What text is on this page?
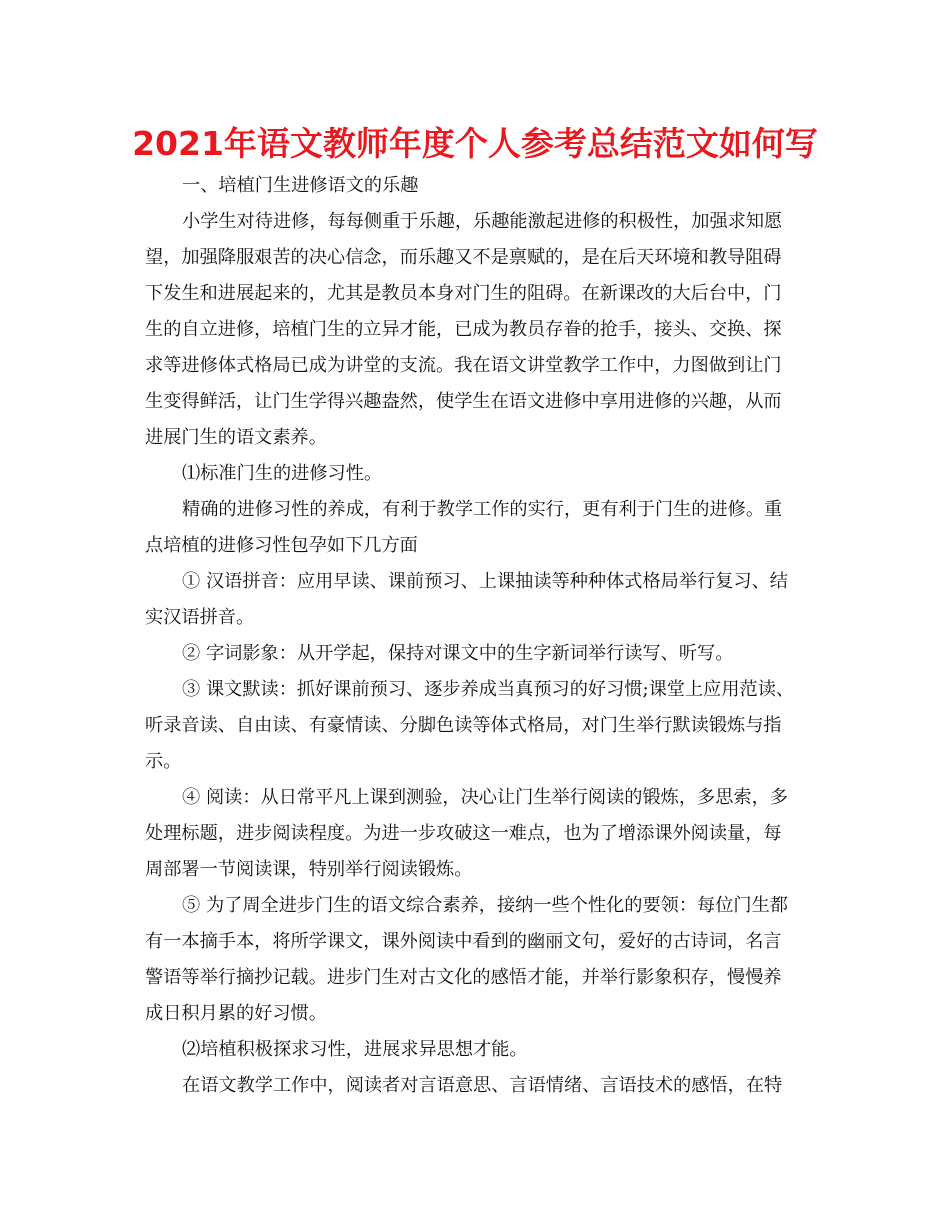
2021年语文教师年度个人参考总结范文如何写
一、培植门生进修语文的乐趣
小学生对待进修，每每侧重于乐趣，乐趣能激起进修的积极性，加强求知愿
望，加强降服艰苦的决心信念，而乐趣又不是禀赋的，是在后天环境和教导阻碍
下发生和进展起来的，尤其是教员本身对门生的阻碍。在新课改的大后台中，门
生的自立进修，培植门生的立异才能，已成为教员存眷的抢手，接头、交换、探
求等进修体式格局已成为讲堂的支流。我在语文讲堂教学工作中，力图做到让门
生变得鲜活，让门生学得兴趣盎然，使学生在语文进修中享用进修的兴趣，从而
进展门生的语文素养。
⑴标准门生的进修习性。
精确的进修习性的养成，有利于教学工作的实行，更有利于门生的进修。重
点培植的进修习性包孕如下几方面
① 汉语拼音：应用早读、课前预习、上课抽读等种种体式格局举行复习、结
实汉语拼音。
② 字词影象：从开学起，保持对课文中的生字新词举行读写、听写。
③ 课文默读：抓好课前预习、逐步养成当真预习的好习惯;课堂上应用范读、
听录音读、自由读、有豪情读、分脚色读等体式格局，对门生举行默读锻炼与指
示。
④ 阅读：从日常平凡上课到测验，决心让门生举行阅读的锻炼，多思索，多
处理标题，进步阅读程度。为进一步攻破这一难点，也为了增添课外阅读量，每
周部署一节阅读课，特别举行阅读锻炼。
⑤ 为了周全进步门生的语文综合素养，接纳一些个性化的要领：每位门生都
有一本摘手本，将所学课文，课外阅读中看到的幽丽文句，爱好的古诗词，名言
警语等举行摘抄记载。进步门生对古文化的感悟才能，并举行影象积存，慢慢养
成日积月累的好习惯。
⑵培植积极探求习性，进展求异思想才能。
在语文教学工作中，阅读者对言语意思、言语情绪、言语技术的感悟，在特
